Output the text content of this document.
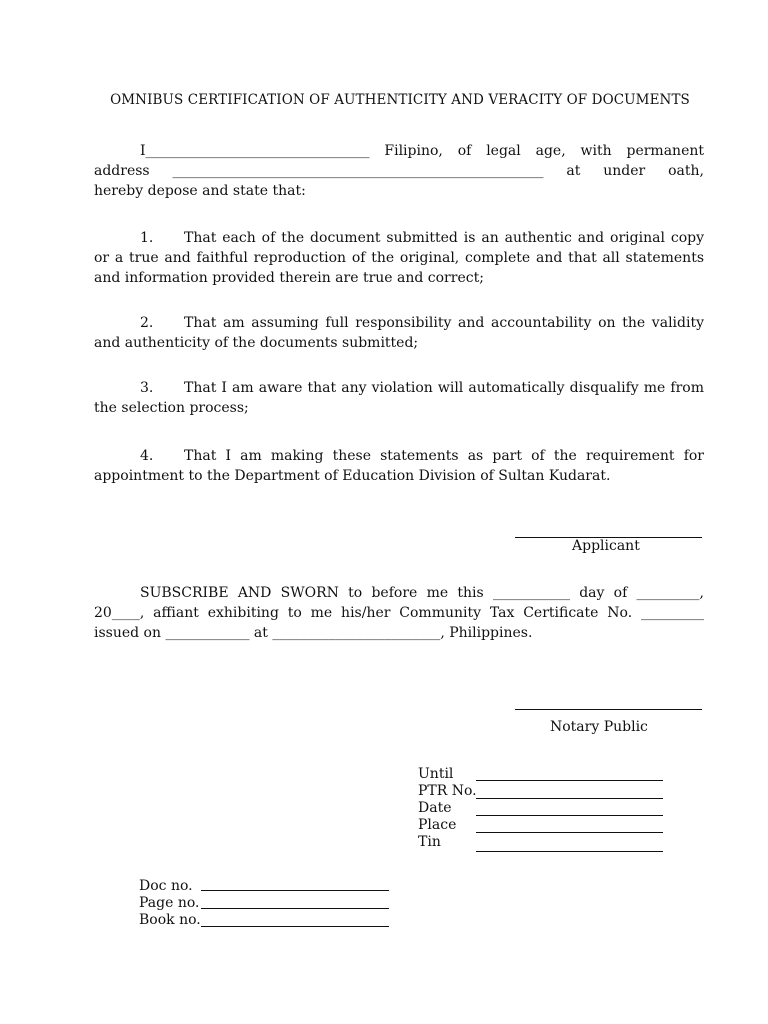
OMNIBUS CERTIFICATION OF AUTHENTICITY AND VERACITY OF DOCUMENTS
I________________________________ Filipino, of legal age, with permanent
address _____________________________________________________ at under oath,
hereby depose and state that:
1. That each of the document submitted is an authentic and original copy or a true and faithful reproduction of the original, complete and that all statements and information provided therein are true and correct;
2. That am assuming full responsibility and accountability on the validity and authenticity of the documents submitted;
3. That I am aware that any violation will automatically disqualify me from the selection process;
4. That I am making these statements as part of the requirement for appointment to the Department of Education Division of Sultan Kudarat.
Applicant
SUBSCRIBE AND SWORN to before me this ___________ day of _________,
20____, affiant exhibiting to me his/her Community Tax Certificate No. _________
issued on ____________ at ________________________, Philippines.
Notary Public
Until
PTR No.
Date
Place
Tin
Doc no.
Page no.
Book no.
